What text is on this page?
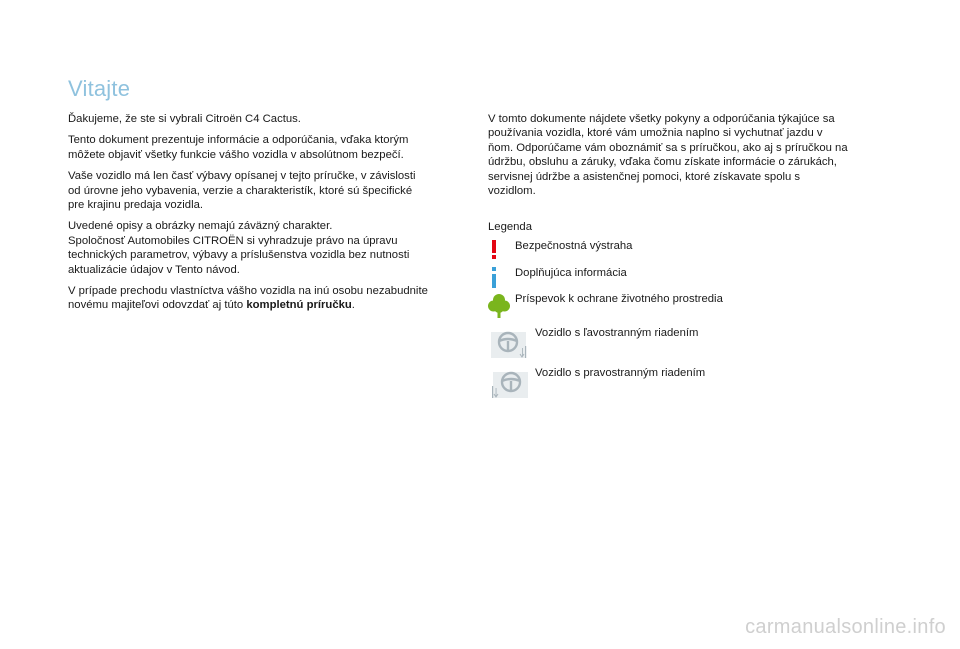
Vitajte

Ďakujeme, že ste si vybrali Citroën C4 Cactus.

Tento dokument prezentuje informácie a odporúčania, vďaka ktorým
môžete objaviť všetky funkcie vášho vozidla v absolútnom bezpečí.

Vaše vozidlo má len časť výbavy opísanej v tejto príručke, v závislosti
od úrovne jeho vybavenia, verzie a charakteristík, ktoré sú špecifické
pre krajinu predaja vozidla.

Uvedené opisy a obrázky nemajú záväzný charakter.
Spoločnosť Automobiles CITROËN si vyhradzuje právo na úpravu
technických parametrov, výbavy a príslušenstva vozidla bez nutnosti
aktualizácie údajov v Tento návod.

V prípade prechodu vlastníctva vášho vozidla na inú osobu nezabudnite
novému majiteľovi odovzdať aj túto kompletnú príručku.

V tomto dokumente nájdete všetky pokyny a odporúčania týkajúce sa
používania vozidla, ktoré vám umožnia naplno si vychutnať jazdu v
ňom. Odporúčame vám oboznámiť sa s príručkou, ako aj s príručkou na
údržbu, obsluhu a záruky, vďaka čomu získate informácie o zárukách,
servisnej údržbe a asistenčnej pomoci, ktoré získavate spolu s
vozidlom.

Legenda
Bezpečnostná výstraha
Doplňujúca informácia
Príspevok k ochrane životného prostredia
Vozidlo s ľavostranným riadením
Vozidlo s pravostranným riadením
carmanualsonline.info
